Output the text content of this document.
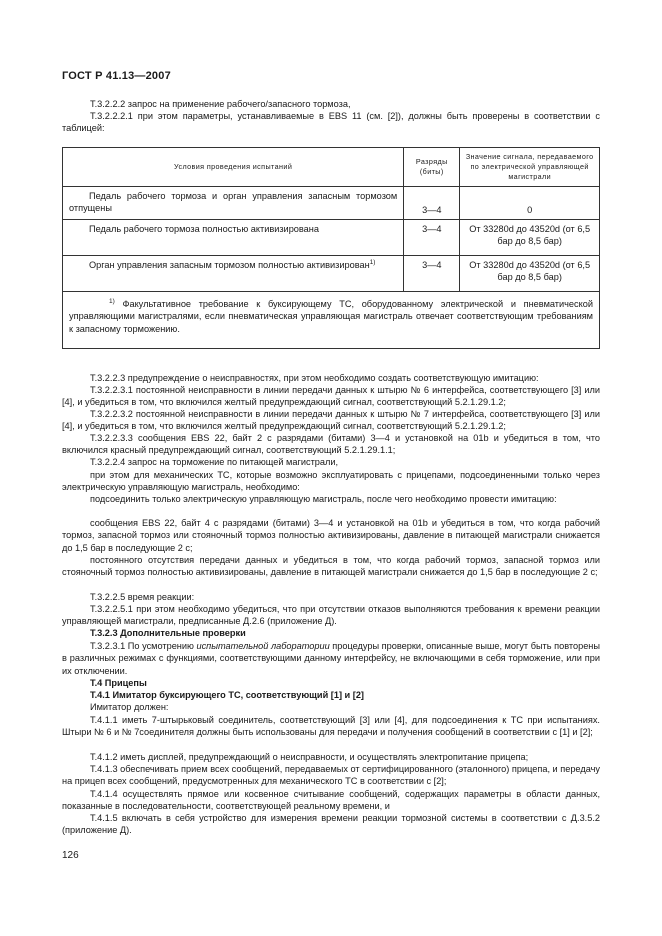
ГОСТ Р 41.13—2007
Т.3.2.2.2 запрос на применение рабочего/запасного тормоза,
Т.3.2.2.2.1 при этом параметры, устанавливаемые в EBS 11 (см. [2]), должны быть проверены в соответствии с таблицей:
Условия проведения испытаний	Разряды (биты)	Значение сигнала, передаваемого по электрической управляющей магистрали
Педаль рабочего тормоза и орган управления запасным тормозом отпущены	3—4	0
Педаль рабочего тормоза полностью активизирована	3—4	От 33280d до 43520d (от 6,5 бар до 8,5 бар)
Орган управления запасным тормозом полностью активизирован$^{1)}$	3—4	От 33280d до 43520d (от 6,5 бар до 8,5 бар)
$^{1)}$ Факультативное требование к буксирующему ТС, оборудованному электрической и пневматической управляющими магистралями, если пневматическая управляющая магистраль отвечает соответствующим требованиям к запасному торможению.		
Т.3.2.2.3 предупреждение о неисправностях, при этом необходимо создать соответствующую имитацию:
Т.3.2.2.3.1 постоянной неисправности в линии передачи данных к штырю № 6 интерфейса, соответствующего [3] или [4], и убедиться в том, что включился желтый предупреждающий сигнал, соответствующий 5.2.1.29.1.2;
Т.3.2.2.3.2 постоянной неисправности в линии передачи данных к штырю № 7 интерфейса, соответствующего [3] или [4], и убедиться в том, что включился желтый предупреждающий сигнал, соответствующий 5.2.1.29.1.2;
Т.3.2.2.3.3 сообщения EBS 22, байт 2 с разрядами (битами) 3—4 и установкой на 01b и убедиться в том, что включился красный предупреждающий сигнал, соответствующий 5.2.1.29.1.1;
Т.3.2.2.4 запрос на торможение по питающей магистрали,
при этом для механических ТС, которые возможно эксплуатировать с прицепами, подсоединенными только через электрическую управляющую магистраль, необходимо:
подсоединить только электрическую управляющую магистраль, после чего необходимо провести имитацию:
сообщения EBS 22, байт 4 с разрядами (битами) 3—4 и установкой на 01b и убедиться в том, что когда рабочий тормоз, запасной тормоз или стояночный тормоз полностью активизированы, давление в питающей магистрали снижается до 1,5 бар в последующие 2 с;
постоянного отсутствия передачи данных и убедиться в том, что когда рабочий тормоз, запасной тормоз или стояночный тормоз полностью активизированы, давление в питающей магистрали снижается до 1,5 бар в последующие 2 с;
Т.3.2.2.5 время реакции:
Т.3.2.2.5.1 при этом необходимо убедиться, что при отсутствии отказов выполняются требования к времени реакции управляющей магистрали, предписанные Д.2.6 (приложение Д).
Т.3.2.3 Дополнительные проверки
Т.3.2.3.1 По усмотрению испытательной лаборатории процедуры проверки, описанные выше, могут быть повторены в различных режимах с функциями, соответствующими данному интерфейсу, не включающими в себя торможение, или при их отключении.
Т.4 Прицепы
Т.4.1 Имитатор буксирующего ТС, соответствующий [1] и [2]
Имитатор должен:
Т.4.1.1 иметь 7-штырьковый соединитель, соответствующий [3] или [4], для подсоединения к ТС при испытаниях. Штыри № 6 и № 7соединителя должны быть использованы для передачи и получения сообщений в соответствии с [1] и [2];
Т.4.1.2 иметь дисплей, предупреждающий о неисправности, и осуществлять электропитание прицепа;
Т.4.1.3 обеспечивать прием всех сообщений, передаваемых от сертифицированного (эталонного) прицепа, и передачу на прицеп всех сообщений, предусмотренных для механического ТС в соответствии с [2];
Т.4.1.4 осуществлять прямое или косвенное считывание сообщений, содержащих параметры в области данных, показанные в последовательности, соответствующей реальному времени, и
Т.4.1.5 включать в себя устройство для измерения времени реакции тормозной системы в соответствии с Д.3.5.2 (приложение Д).
126
